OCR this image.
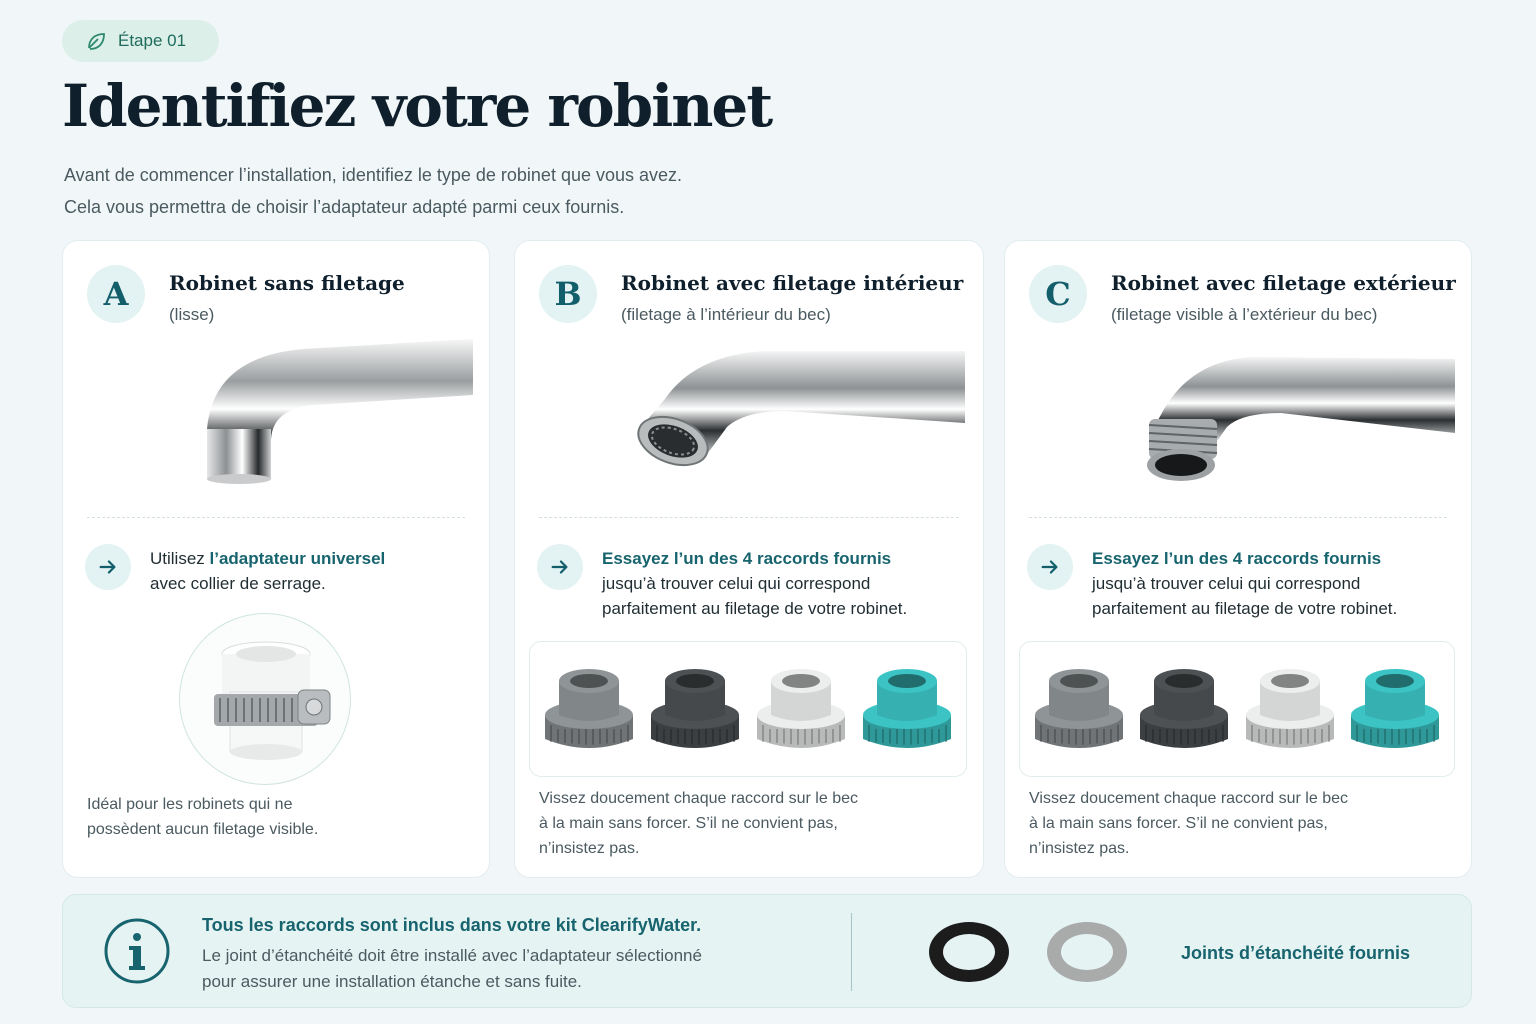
Étape 01
Identifiez votre robinet
Avant de commencer l’installation, identifiez le type de robinet que vous avez.
Cela vous permettra de choisir l’adaptateur adapté parmi ceux fournis.
A	Robinet sans filetage
(lisse)
Utilisez l’adaptateur universel
avec collier de serrage.
Idéal pour les robinets qui ne
possèdent aucun filetage visible.
B	Robinet avec filetage intérieur
(filetage à l’intérieur du bec)
Essayez l’un des 4 raccords fournis
jusqu’à trouver celui qui correspond
parfaitement au filetage de votre robinet.
Vissez doucement chaque raccord sur le bec
à la main sans forcer. S’il ne convient pas,
n’insistez pas.
C	Robinet avec filetage extérieur
(filetage visible à l’extérieur du bec)
Essayez l’un des 4 raccords fournis
jusqu’à trouver celui qui correspond
parfaitement au filetage de votre robinet.
Vissez doucement chaque raccord sur le bec
à la main sans forcer. S’il ne convient pas,
n’insistez pas.
Tous les raccords sont inclus dans votre kit ClearifyWater.
Le joint d’étanchéité doit être installé avec l’adaptateur sélectionné
pour assurer une installation étanche et sans fuite.
Joints d’étanchéité fournis
